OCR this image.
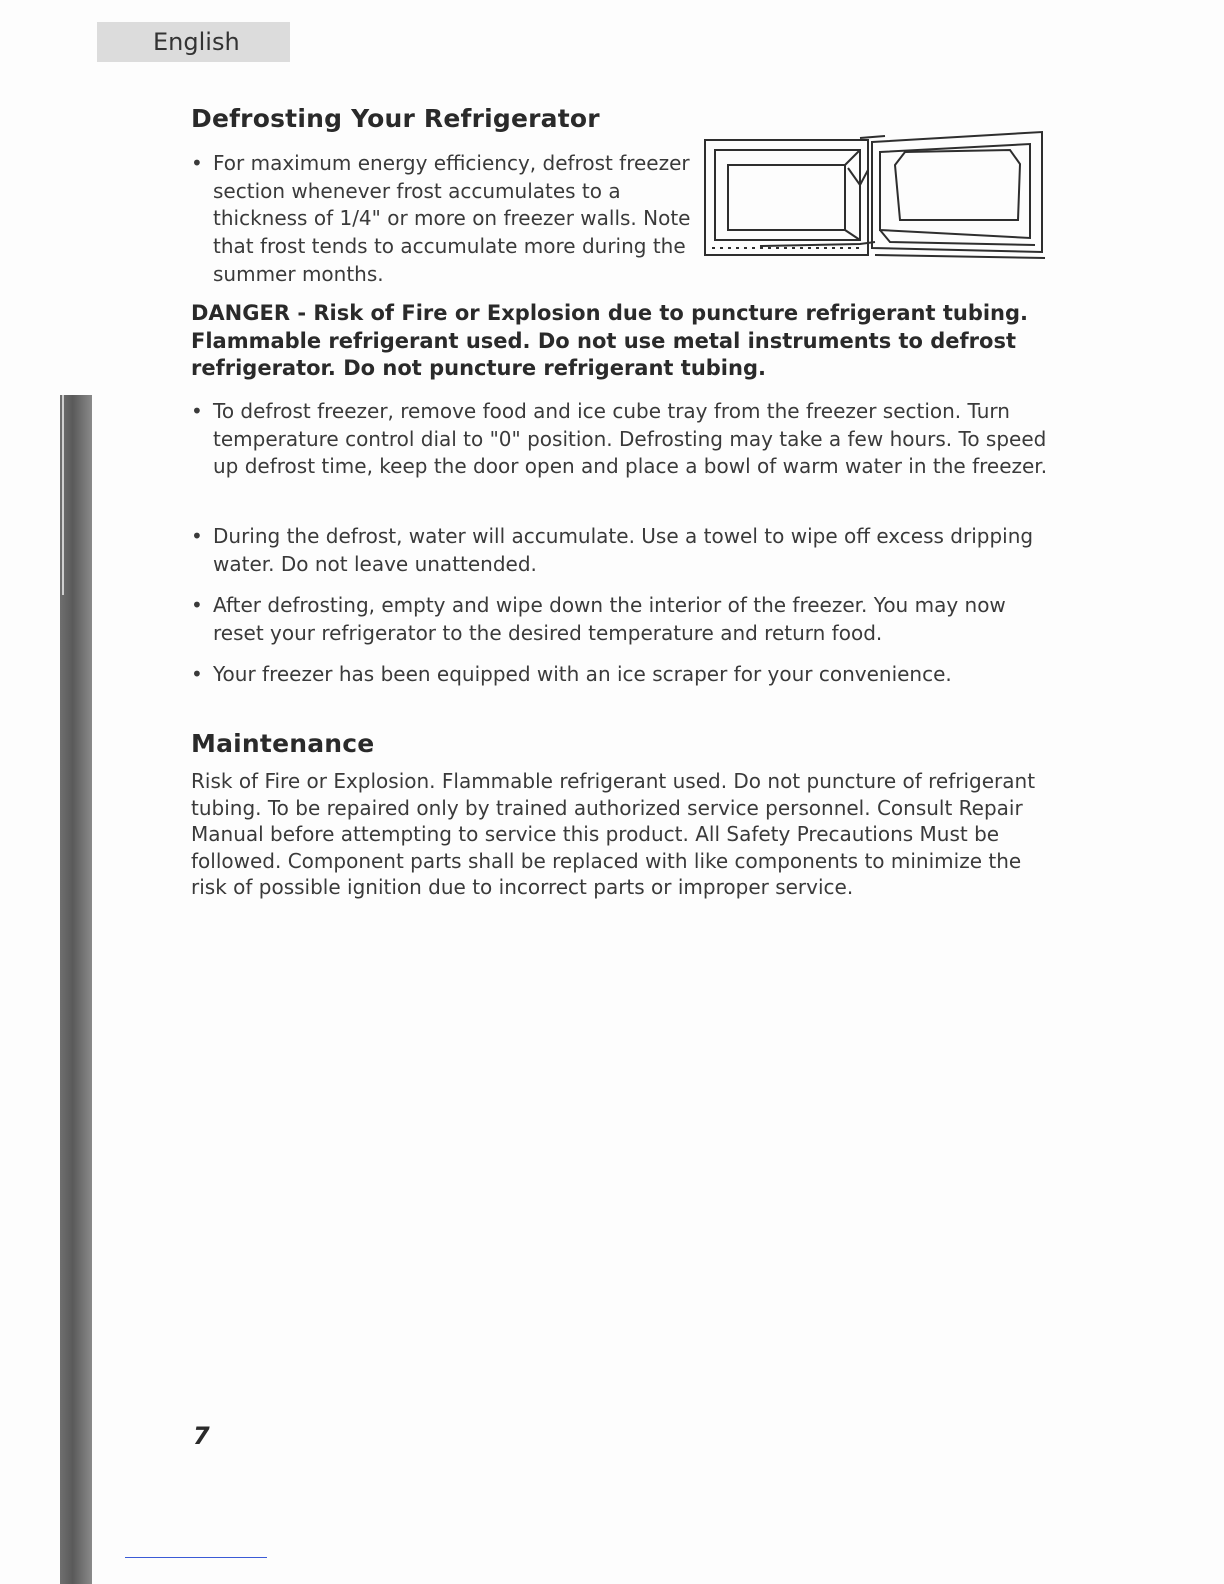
English
Defrosting Your Refrigerator
• For maximum energy efficiency, defrost freezer section whenever frost accumulates to a thickness of 1/4" or more on freezer walls. Note that frost tends to accumulate more during the summer months.

DANGER - Risk of Fire or Explosion due to puncture refrigerant tubing. Flammable refrigerant used. Do not use metal instruments to defrost refrigerator. Do not puncture refrigerant tubing.

• To defrost freezer, remove food and ice cube tray from the freezer section. Turn temperature control dial to "0" position. Defrosting may take a few hours. To speed up defrost time, keep the door open and place a bowl of warm water in the freezer.
• During the defrost, water will accumulate. Use a towel to wipe off excess dripping water. Do not leave unattended.
• After defrosting, empty and wipe down the interior of the freezer. You may now reset your refrigerator to the desired temperature and return food.
• Your freezer has been equipped with an ice scraper for your convenience.
Maintenance

Risk of Fire or Explosion. Flammable refrigerant used. Do not puncture of refrigerant tubing. To be repaired only by trained authorized service personnel. Consult Repair Manual before attempting to service this product. All Safety Precautions Must be followed. Component parts shall be replaced with like components to minimize the risk of possible ignition due to incorrect parts or improper service.

7
